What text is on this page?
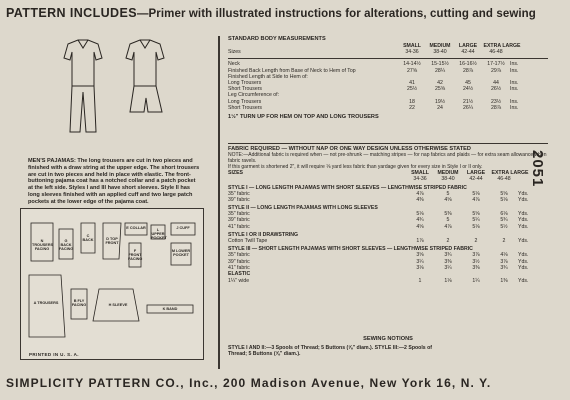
PATTERN INCLUDES—Primer with illustrated instructions for alterations, cutting and sewing
MEN'S PAJAMAS: The long trousers are cut in two pieces and finished with a draw string at the upper edge. The short trousers are cut in two pieces and held in place with elastic. The front-buttoning pajama coat has a notched collar and a patch pocket at the left side. Styles I and III have short sleeves. Style II has long sleeves finished with an applied cuff and two large patch pockets at the lower edge of the pajama coat.
N TROUSERS FACING
G BACK FACING
C BACK	D TOP FRONT
E COLLAR
F FRONT FACING
L UPPER POCKET
J CUFF
M LOWER POCKET
A TROUSERS	B FLY FACING	H SLEEVE
K BAND
PRINTED IN U. S. A.
2051
STANDARD BODY MEASUREMENTS
SMALL	MEDIUM	LARGE	EXTRA LARGE
Sizes	34-36	38-40	42-44	46-48
Neck	14-14½	15-15½	16-16½	17-17½	Ins.
Finished Back Length from Base of Neck to Hem of Top	27⅝	28¼	28⅞	29⅞	Ins.
Finished Length at Side to Hem of:
Long Trousers	41	42	45	44	Ins.
Short Trousers	25½	25⅝	24½	26½	Ins.
Leg Circumference of:
Long Trousers	18	19½	21½	23½	Ins.
Short Trousers	22	24	26¼	28⅞	Ins.
1½" TURN UP FOR HEM ON TOP AND LONG TROUSERS
FABRIC REQUIRED — WITHOUT NAP OR ONE WAY DESIGN UNLESS OTHERWISE STATED
NOTE:—Additional fabric is required when — not pre-shrunk — matching stripes — for nap fabrics and plaids — for extra seam allowance when fabric ravels.
If this garment is shortened 2", it will require ⅛ yard less fabric than yardage given for every size in Style I or II only.
SIZES	SMALL	MEDIUM	LARGE	EXTRA LARGE
34-36	38-40	42-44	46-48
STYLE I — LONG LENGTH PAJAMAS WITH SHORT SLEEVES — LENGTHWISE STRIPED FABRIC
35" fabric	4⅞	5	5⅛	5⅝	Yds.
39" fabric	4⅜	4⅝	4⅞	5⅛	Yds.
STYLE II — LONG LENGTH PAJAMAS WITH LONG SLEEVES
35" fabric	5⅛	5⅜	5⅝	6⅛	Yds.
39" fabric	4¾	5	5¼	5¾	Yds.
41" fabric	4⅝	4⅞	5⅛	5½	Yds.
STYLE I OR II DRAWSTRING
Cotton Twill Tape	1⅞	2	2	2	Yds.
STYLE III — SHORT LENGTH PAJAMAS WITH SHORT SLEEVES — LENGTHWISE STRIPED FABRIC
35" fabric	3⅝	3¾	3⅞	4⅛	Yds.
39" fabric	3¼	3⅜	3½	3⅞	Yds.
41" fabric	3⅛	3¼	3⅜	3¾	Yds.
ELASTIC
1¼" wide	1	1⅛	1¼	1⅜	Yds.
SEWING NOTIONS
STYLE I AND II:—3 Spools of Thread; 5 Buttons (⅝" diam.). STYLE III:—2 Spools of
Thread; 5 Buttons (⅝" diam.).
SIMPLICITY PATTERN CO., Inc., 200 Madison Avenue, New York 16, N. Y.
